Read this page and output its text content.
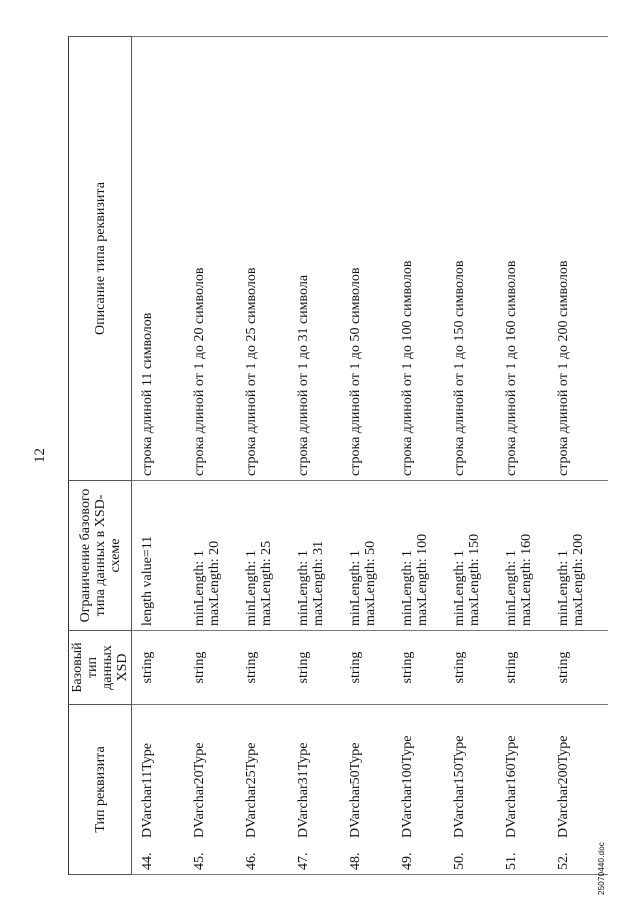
12
Тип реквизита	Базовый тип данных XSD	Ограничение базового типа данных в XSD-схеме	Описание типа реквизита
44.DVarchar11Type	string	length value=11	строка длиной 11 символов
45.DVarchar20Type	string	minLength: 1 maxLength: 20	строка длиной от 1 до 20 символов
46.DVarchar25Type	string	minLength: 1 maxLength: 25	строка длиной от 1 до 25 символов
47.DVarchar31Type	string	minLength: 1 maxLength: 31	строка длиной от 1 до 31 символа
48.DVarchar50Type	string	minLength: 1 maxLength: 50	строка длиной от 1 до 50 символов
49.DVarchar100Type	string	minLength: 1 maxLength: 100	строка длиной от 1 до 100 символов
50.DVarchar150Type	string	minLength: 1 maxLength: 150	строка длиной от 1 до 150 символов
51.DVarchar160Type	string	minLength: 1 maxLength: 160	строка длиной от 1 до 160 символов
52.DVarchar200Type	string	minLength: 1 maxLength: 200	строка длиной от 1 до 200 символов
25070440.doc
